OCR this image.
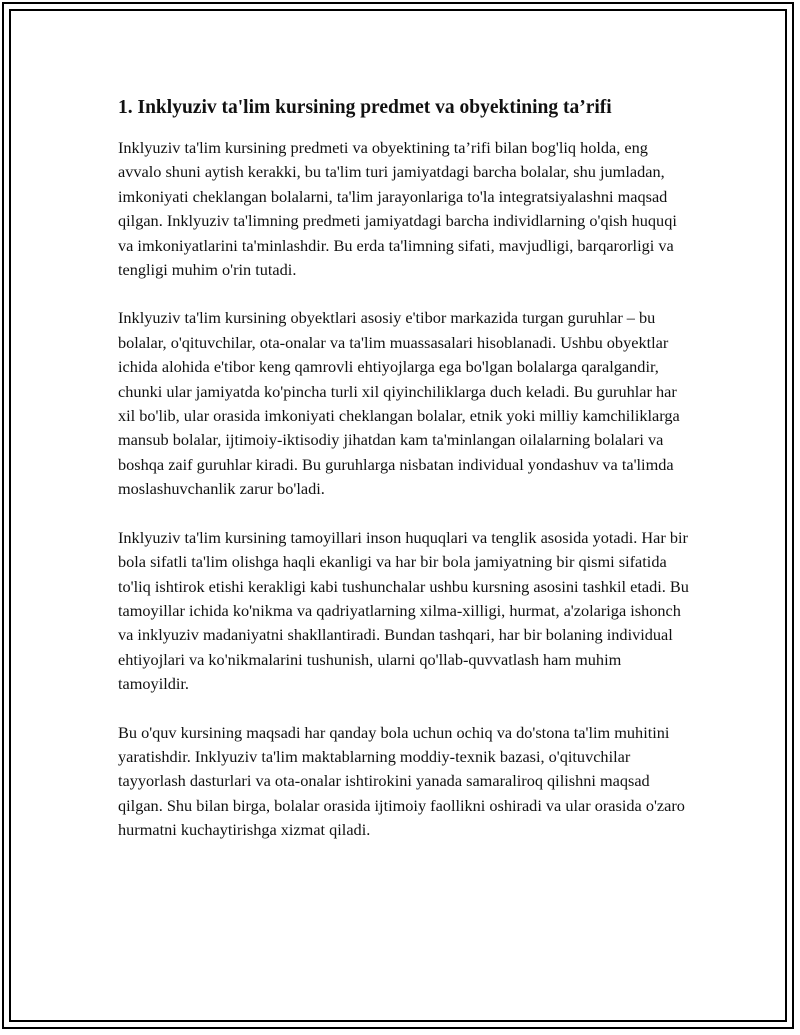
1. Inklyuziv ta'lim kursining predmet va obyektining ta’rifi

Inklyuziv ta'lim kursining predmeti va obyektining ta’rifi bilan bog'liq holda, eng avvalo shuni aytish kerakki, bu ta'lim turi jamiyatdagi barcha bolalar, shu jumladan, imkoniyati cheklangan bolalarni, ta'lim jarayonlariga to'la integratsiyalashni maqsad qilgan. Inklyuziv ta'limning predmeti jamiyatdagi barcha individlarning o'qish huquqi va imkoniyatlarini ta'minlashdir. Bu erda ta'limning sifati, mavjudligi, barqarorligi va tengligi muhim o'rin tutadi.

Inklyuziv ta'lim kursining obyektlari asosiy e'tibor markazida turgan guruhlar – bu bolalar, o'qituvchilar, ota-onalar va ta'lim muassasalari hisoblanadi. Ushbu obyektlar ichida alohida e'tibor keng qamrovli ehtiyojlarga ega bo'lgan bolalarga qaralgandir, chunki ular jamiyatda ko'pincha turli xil qiyinchiliklarga duch keladi. Bu guruhlar har xil bo'lib, ular orasida imkoniyati cheklangan bolalar, etnik yoki milliy kamchiliklarga mansub bolalar, ijtimoiy-iktisodiy jihatdan kam ta'minlangan oilalarning bolalari va boshqa zaif guruhlar kiradi. Bu guruhlarga nisbatan individual yondashuv va ta'limda moslashuvchanlik zarur bo'ladi.

Inklyuziv ta'lim kursining tamoyillari inson huquqlari va tenglik asosida yotadi. Har bir bola sifatli ta'lim olishga haqli ekanligi va har bir bola jamiyatning bir qismi sifatida to'liq ishtirok etishi kerakligi kabi tushunchalar ushbu kursning asosini tashkil etadi. Bu tamoyillar ichida ko'nikma va qadriyatlarning xilma-xilligi, hurmat, a'zolariga ishonch va inklyuziv madaniyatni shakllantiradi. Bundan tashqari, har bir bolaning individual ehtiyojlari va ko'nikmalarini tushunish, ularni qo'llab-quvvatlash ham muhim tamoyildir.

Bu o'quv kursining maqsadi har qanday bola uchun ochiq va do'stona ta'lim muhitini yaratishdir. Inklyuziv ta'lim maktablarning moddiy-texnik bazasi, o'qituvchilar tayyorlash dasturlari va ota-onalar ishtirokini yanada samaraliroq qilishni maqsad qilgan. Shu bilan birga, bolalar orasida ijtimoiy faollikni oshiradi va ular orasida o'zaro hurmatni kuchaytirishga xizmat qiladi.
